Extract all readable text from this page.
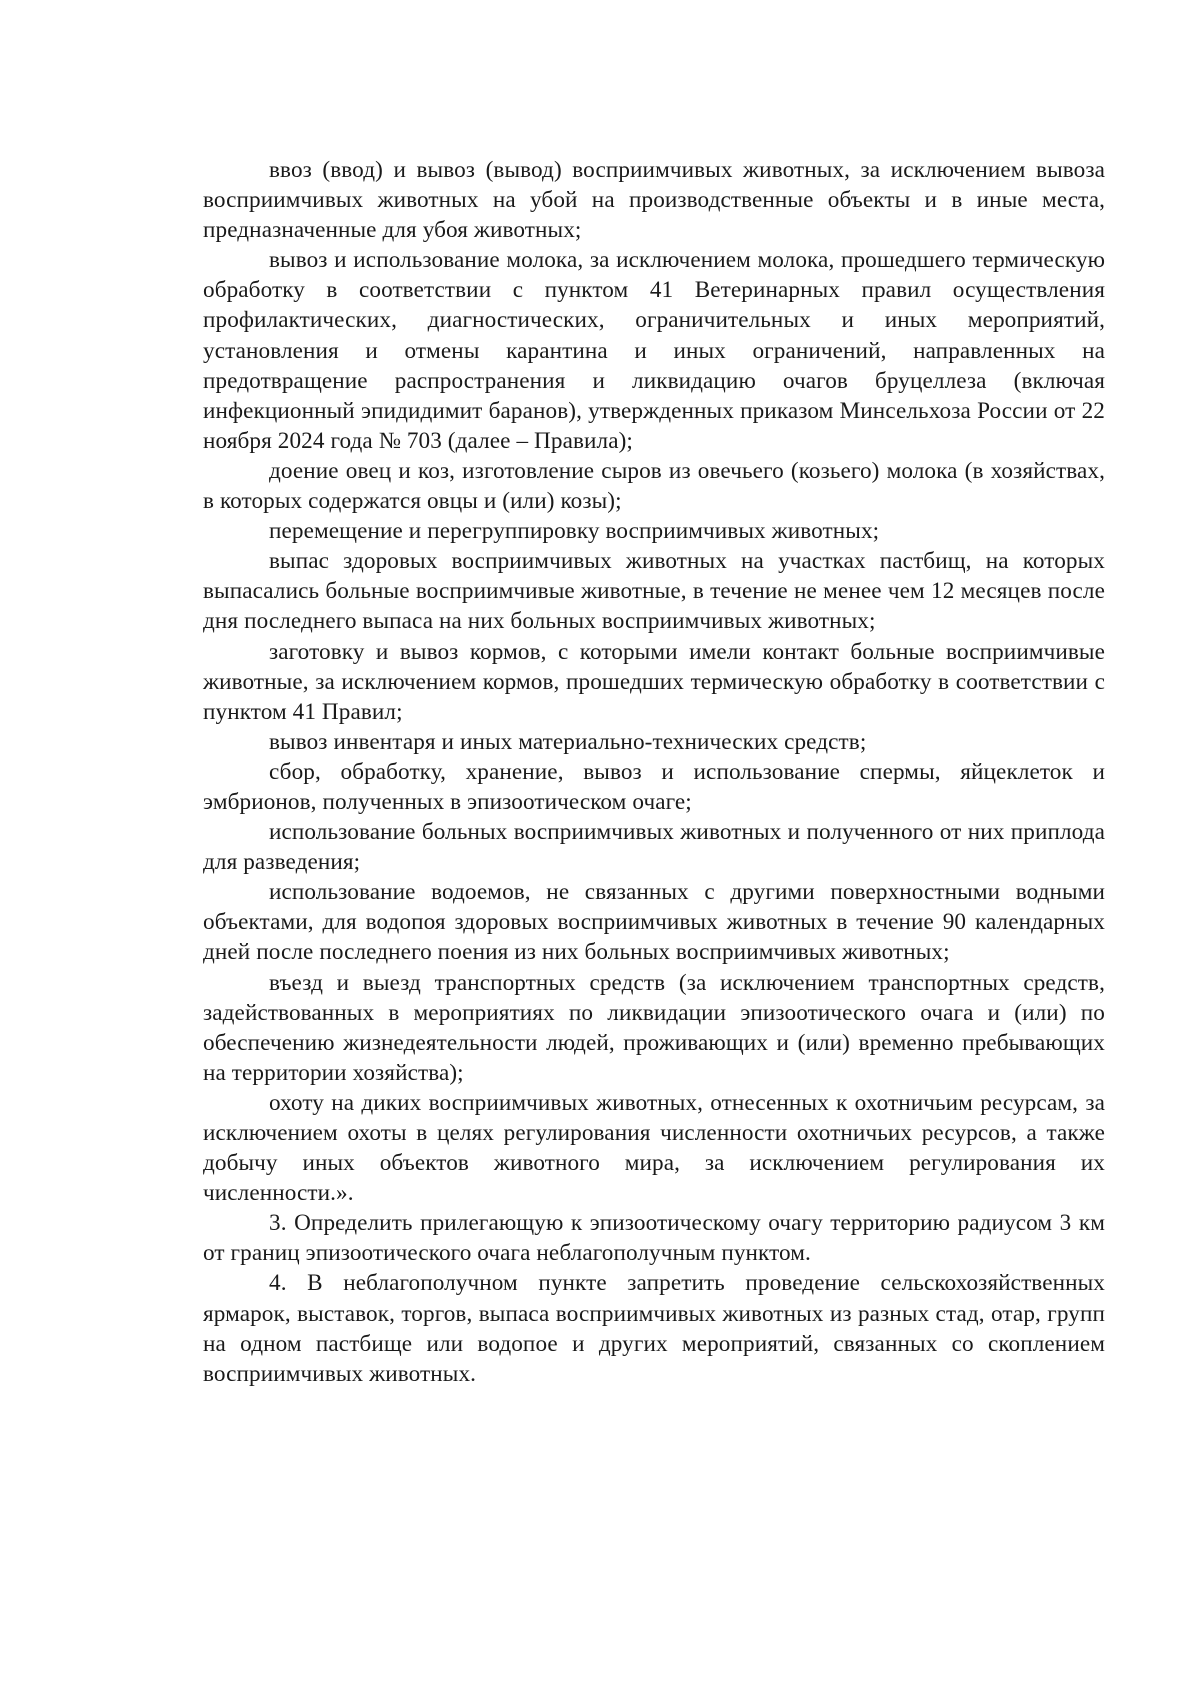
ввоз (ввод) и вывоз (вывод) восприимчивых животных, за исключением вывоза восприимчивых животных на убой на производственные объекты и в иные места, предназначенные для убоя животных;

вывоз и использование молока, за исключением молока, прошедшего термическую обработку в соответствии с пунктом 41 Ветеринарных правил осуществления профилактических, диагностических, ограничительных и иных мероприятий, установления и отмены карантина и иных ограничений, направленных на предотвращение распространения и ликвидацию очагов бруцеллеза (включая инфекционный эпидидимит баранов), утвержденных приказом Минсельхоза России от 22 ноября 2024 года № 703 (далее – Правила);

доение овец и коз, изготовление сыров из овечьего (козьего) молока (в хозяйствах, в которых содержатся овцы и (или) козы);

перемещение и перегруппировку восприимчивых животных;

выпас здоровых восприимчивых животных на участках пастбищ, на которых выпасались больные восприимчивые животные, в течение не менее чем 12 месяцев после дня последнего выпаса на них больных восприимчивых животных;

заготовку и вывоз кормов, с которыми имели контакт больные восприимчивые животные, за исключением кормов, прошедших термическую обработку в соответствии с пунктом 41 Правил;

вывоз инвентаря и иных материально-технических средств;

сбор, обработку, хранение, вывоз и использование спермы, яйцеклеток и эмбрионов, полученных в эпизоотическом очаге;

использование больных восприимчивых животных и полученного от них приплода для разведения;

использование водоемов, не связанных с другими поверхностными водными объектами, для водопоя здоровых восприимчивых животных в течение 90 календарных дней после последнего поения из них больных восприимчивых животных;

въезд и выезд транспортных средств (за исключением транспортных средств, задействованных в мероприятиях по ликвидации эпизоотического очага и (или) по обеспечению жизнедеятельности людей, проживающих и (или) временно пребывающих на территории хозяйства);

охоту на диких восприимчивых животных, отнесенных к охотничьим ресурсам, за исключением охоты в целях регулирования численности охотничьих ресурсов, а также добычу иных объектов животного мира, за исключением регулирования их численности.».

3. Определить прилегающую к эпизоотическому очагу территорию радиусом 3 км от границ эпизоотического очага неблагополучным пунктом.

4. В неблагополучном пункте запретить проведение сельскохозяйственных ярмарок, выставок, торгов, выпаса восприимчивых животных из разных стад, отар, групп на одном пастбище или водопое и других мероприятий, связанных со скоплением восприимчивых животных.
